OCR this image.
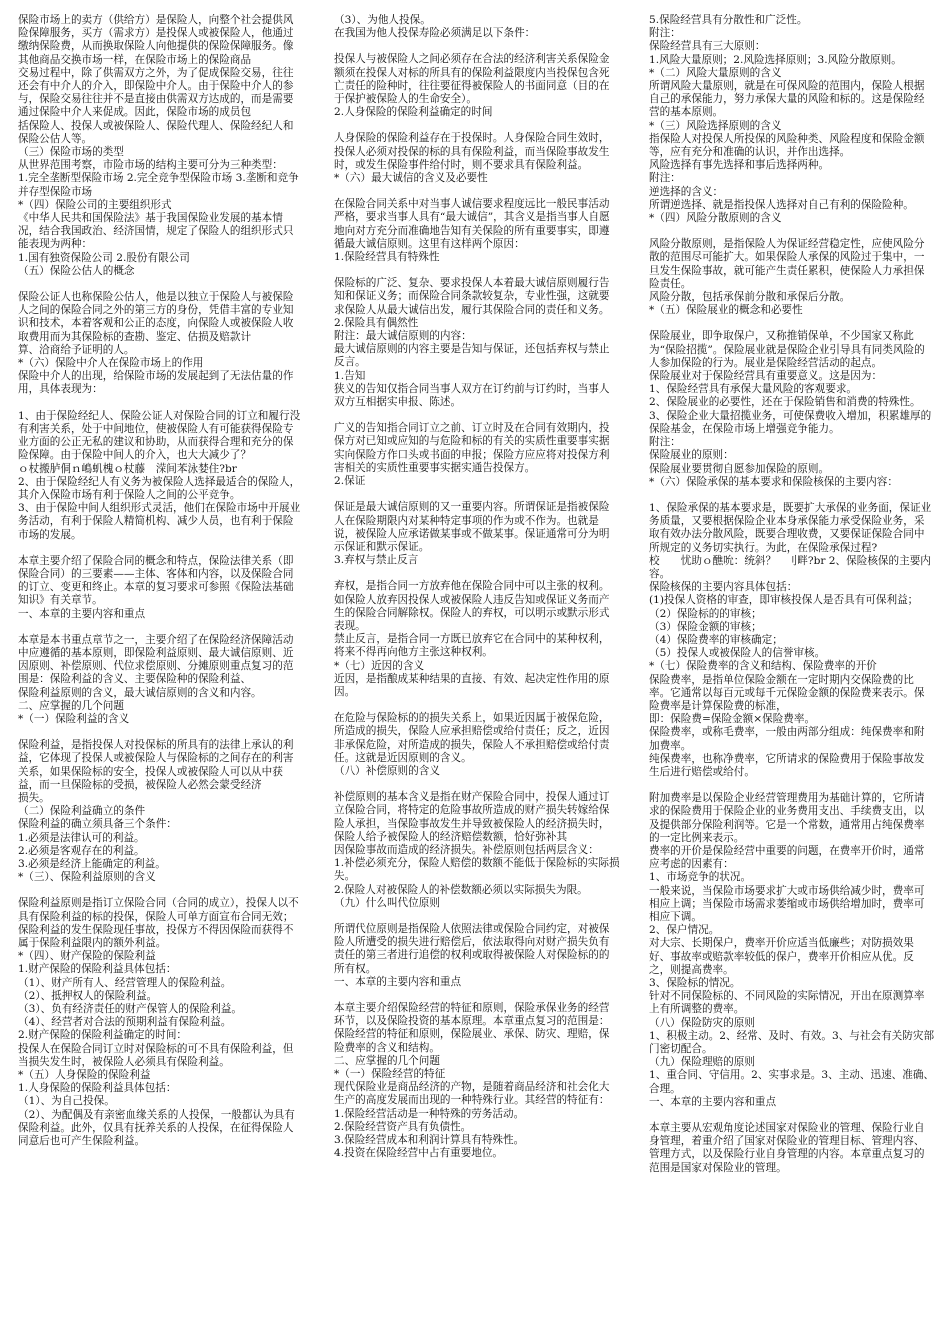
保险市场上的卖方（供给方）是保险人，向整个社会提供风险保障服务，买方（需求方）是投保人或被保险人，他通过缴纳保险费，从而换取保险人向他提供的保险保障服务。像其他商品交换市场一样，在保险市场上的保险商品
交易过程中，除了供需双方之外，为了促成保险交易，往往还会有中介人的介入，即保险中介人。由于保险中介人的参与，保险交易往往并不是直接由供需双方达成的，而是需要通过保险中介人来促成。因此，保险市场的成员包
括保险人、投保人或被保险人、保险代理人、保险经纪人和保险公估人等。
（三）保险市场的类型
从世界范围考察，市险市场的结构主要可分为三种类型：
1.完全垄断型保险市场 2.完全竞争型保险市场 3.垄断和竞争并存型保险市场
*（四）保险公司的主要组织形式
《中华人民共和国保险法》基于我国保险业发展的基本情况，结合我国政治、经济国情，规定了保险人的组织形式只能表现为两种：
1.国有独资保险公司 2.股份有限公司
（五）保险公估人的概念
保险公证人也称保险公估人，他是以独立于保险人与被保险人之间的保险合同之外的第三方的身份，凭借丰富的专业知识和技术，本着客观和公正的态度，向保险人或被保险人收取费用而为其保险标的查勘、鉴定、估损及赔款计
算、洽商给予证明的人。
*（六）保险中介人在保险市场上的作用
保险中介人的出现，给保险市场的发展起到了无法估量的作用，具体表现为：
1、由于保险经纪人、保险公证人对保险合同的订立和履行没有利害关系，处于中间地位，使被保险人有可能获得保险专业方面的公正无私的建议和协助，从而获得合理和充分的保险保障。由于保险中间人的介入，也大大减少了？
ｏ杖搬胪侗ｎ嶋虮槐ｏ杖藤　溁间苯泳婪住?br
2、由于保险经纪人有义务为被保险人选择最适合的保险人，其介入保险市场有利于保险人之间的公平竞争。
3、由于保险中间人组织形式灵活，他们在保险市场中开展业务活动，有利于保险人精简机构、减少人员，也有利于保险市场的发展。
本章主要介绍了保险合同的概念和特点，保险法律关系（即保险合同）的三要素——主体、客体和内容，以及保险合同的订立、变更和终止。本章的复习要求可参照《保险法基础知识》有关章节。
一、本章的主要内容和重点
本章是本书重点章节之一，主要介绍了在保险经济保障活动中应遵循的基本原则，即保险利益原则、最大诚信原则、近因原则、补偿原则、代位求偿原则、分摊原则重点复习的范围是：保险利益的含义、主要保险种的保险利益、
保险利益原则的含义，最大诚信原则的含义和内容。
二、应掌握的几个问题
*（一）保险利益的含义
保险利益，是指投保人对投保标的所具有的法律上承认的利益，它体现了投保人或被保险人与保险标的之间存在的利害关系，如果保险标的安全，投保人或被保险人可以从中获益，而一旦保险标的受损，被保险人必然会蒙受经济
损失。
（二）保险利益确立的条件
保险利益的确立须具备三个条件：
1.必须是法律认可的利益。
2.必须是客观存在的利益。
3.必须是经济上能确定的利益。
*（三）、保险利益原则的含义
保险利益原则是指订立保险合同（合同的成立），投保人以不具有保险利益的标的投保，保险人可单方面宣布合同无效；保险利益的发生保险现任事故，投保方不得因保险而获得不属于保险利益限内的额外利益。
*（四）、财产保险的保险利益
1.财产保险的保险利益具体包括：
（1）、财产所有人、经营管理人的保险利益。
（2）、抵押权人的保险利益。
（3）、负有经济责任的财产保管人的保险利益。
（4）、经营者对合法的预期利益有保险利益。
2.财产保险的保险利益确定的时间：
投保人在保险合同订立时对保险标的可不具有保险利益，但当损失发生时，被保险人必须具有保险利益。
*（五）人身保险的保险利益
1.人身保险的保险利益具体包括：
（1）、为自己投保。
（2）、为配偶及有亲密血缘关系的人投保，一般都认为具有保险利益。此外，仅具有抚养关系的人投保，在征得保险人同意后也可产生保险利益。
（3）、为他人投保。
在我国为他人投保寿险必须满足以下条件：
投保人与被保险人之间必须存在合法的经济利害关系保险金额须在投保人对标的所具有的保险利益限度内当投保包含死亡责任的险种时，往往要征得被保险人的书面同意（目的在于保护被保险人的生命安全）。
2.人身保险的保险利益确定的时间
人身保险的保险利益存在于投保时。人身保险合同生效时，投保人必须对投保的标的具有保险利益，而当保险事故发生时，或发生保险事件给付时，则不要求具有保险利益。
*（六）最大诚信的含义及必要性
在保险合同关系中对当事人诚信要求程度远比一般民事活动严格，要求当事人具有“最大诚信”，其含义是指当事人自愿地向对方充分而准确地告知有关保险的所有重要事实，即遵循最大诚信原则。这里有这样两个原因：
1.保险经营具有特殊性
保险标的广泛、复杂、要求投保人本着最大诚信原则履行告知和保证义务；而保险合同条款较复杂，专业性强，这就要求保险人从最大诚信出发，履行其保险合同的责任和义务。
2.保险具有偶然性
附注：最大诚信原则的内容：
最大诚信原则的内容主要是告知与保证，还包括弃权与禁止反言。
1.告知
狭义的告知仅指合同当事人双方在订约前与订约时，当事人双方互相据实申报、陈述。
广义的告知指合同订立之前、订立时及在合同有效期内，投保方对已知或应知的与危险和标的有关的实质性重要事实据实向保险方作口头或书面的申报；保险方应应将对投保方利害相关的实质性重要事实据实通告投保方。
2.保证
保证是最大诚信原则的又一重要内容。所谓保证是指被保险人在保险期限内对某种特定事项的作为或不作为。也就是说，被保险人应承诺做某事或不做某事。保证通常可分为明示保证和默示保证。
3.弃权与禁止反言
弃权，是指合同一方放弃他在保险合同中可以主张的权利。如保险人放弃因投保人或被保险人违反告知或保证义务而产生的保险合同解除权。保险人的弃权，可以明示或默示形式表现。
禁止反言，是指合同一方既已放弃它在合同中的某种权利，将来不得再向他方主张这种权利。
*（七）近因的含义
近因，是指酿成某种结果的直接、有效、起决定性作用的原因。
在危险与保险标的的损失关系上，如果近因属于被保危险，所造成的损失，保险人应承担赔偿或给付责任；反之，近因非承保危险，对所造成的损失，保险人不承担赔偿或给付责任。这就是近因原则的含义。
（八）补偿原则的含义
补偿原则的基本含义是指在财产保险合同中，投保人通过订立保险合同，将特定的危险事故所造成的财产损失转嫁给保险人承担，当保险事故发生并导致被保险人的经济损失时，保险人给予被保险人的经济赔偿数额，恰好弥补其
因保险事故而造成的经济损失。补偿原则包括两层含义：
1.补偿必须充分，保险人赔偿的数额不能低于保险标的实际损失。
2.保险人对被保险人的补偿数额必须以实际损失为限。
（九）什么叫代位原则
所谓代位原则是指保险人依照法律或保险合同约定，对被保险人所遭受的损失进行赔偿后，依法取得向对财产损失负有责任的第三者进行追偿的权利或取得被保险人对保险标的的所有权。
一、本章的主要内容和重点
本章主要介绍保险经营的特征和原则，保险承保业务的经营环节，以及保险投资的基本原理。本章重点复习的范围是：保险经营的特征和原则，保险展业、承保、防灾、理赔，保险费率的含义和结构。
二、应掌握的几个问题
*（一）保险经营的特征
现代保险业是商品经济的产物，是随着商品经济和社会化大生产的高度发展而出现的一种特殊行业。其经营的特征有：
1.保险经营活动是一种特殊的劳务活动。
2.保险经营资产具有负债性。
3.保险经营成本和利润计算具有特殊性。
4.投资在保险经营中占有重要地位。
5.保险经营具有分散性和广泛性。
附注：
保险经营具有三大原则：
1.风险大量原则；2.风险选择原则；3.风险分散原则。
*（二）风险大量原则的含义
所谓风险大量原则，就是在可保风险的范围内，保险人根据自己的承保能力，努力承保大量的风险和标的。这是保险经营的基本原则。
*（三）风险选择原则的含义
指保险人对投保人所投保的风险种类、风险程度和保险金额等，应有充分和准确的认识，并作出选择。
风险选择有事先选择和事后选择两种。
附注：
逆选择的含义：
所谓逆选择、就是指投保人选择对自己有利的保险险种。
*（四）风险分散原则的含义
风险分散原则，是指保险人为保证经营稳定性，应使风险分散的范围尽可能扩大。如果保险人承保的风险过于集中，一旦发生保险事故，就可能产生责任累积，使保险人力承担保险责任。
风险分散，包括承保前分散和承保后分散。
*（五）保险展业的概念和必要性
保险展业，即争取保户，又称推销保单，不少国家又称此为“保险招揽”。保险展业就是保险企业引导具有同类风险的人参加保险的行为。展业是保险经营活动的起点。
保险展业对于保险经营具有重要意义。这是因为：
1、保险经营具有承保大量风险的客观要求。
2、保险展业的必要性，还在于保险销售和消费的特殊性。
3、保险企业大量招揽业务，可使保费收入增加，积累雄厚的保险基金，在保险市场上增强竞争能力。
附注：
保险展业的原则：
保险展业要贯彻自愿参加保险的原则。
*（六）保险承保的基本要求和保险核保的主要内容：
1、保险承保的基本要求是，既要扩大承保的业务面，保证业务质量，又要根据保险企业本身承保能力承受保险业务，采取有效办法分散风险，既要合理收费，又要保证保险合同中所规定的义务切实执行。为此，在保险承保过程?
校　　忧助ｏ醮吮：统斜？　刂畔?br 2、保险核保的主要内容。
保险核保的主要内容具体包括：
(1)投保人资格的审查，即审核投保人是否具有可保利益；
（2）保险标的的审核；
（3）保险金额的审核；
（4）保险费率的审核确定；
（5）投保人或被保险人的信誉审核。
*（七）保险费率的含义和结构、保险费率的开价
保险费率，是指单位保险金额在一定时期内交保险费的比率。它通常以每百元或每千元保险金额的保险费来表示。保险费率是计算保险费的标准，
即：保险费=保险金额×保险费率。
保险费率，或称毛费率，一般由两部分组成：纯保费率和附加费率。
纯保费率，也称净费率，它所请求的保险费用于保险事故发生后进行赔偿或给付。
附加费率是以保险企业经营管理费用为基础计算的，它所请求的保险费用于保险企业的业务费用支出、手续费支出，以及提供部分保险利润等。它是一个常数，通常用占纯保费率的一定比例来表示。
费率的开价是保险经营中重要的问题，在费率开价时，通常应考虑的因素有：
1、市场竞争的状况。
一般来说，当保险市场要求扩大或市场供给减少时，费率可相应上调；当保险市场需求萎缩或市场供给增加时，费率可相应下调。
2、保户情况。
对大宗、长期保户，费率开价应适当低廉些；对防损效果好、事故率或赔款率较低的保户，费率开价相应从优。反之，则提高费率。
3、保险标的情况。
针对不同保险标的、不同风险的实际情况，开出在原测算率上有所调整的费率。
（八）保险防灾的原则
1、积极主动。2、经常、及时、有效。3、与社会有关防灾部门密切配合。
（九）保险理赔的原则
1、重合同、守信用。2、实事求是。3、主动、迅速、准确、合理。
一、本章的主要内容和重点
本章主要从宏观角度论述国家对保险业的管理、保险行业自身管理，着重介绍了国家对保险业的管理目标、管理内容、管理方式，以及保险行业自身管理的内容。本章重点复习的范围是国家对保险业的管理。
